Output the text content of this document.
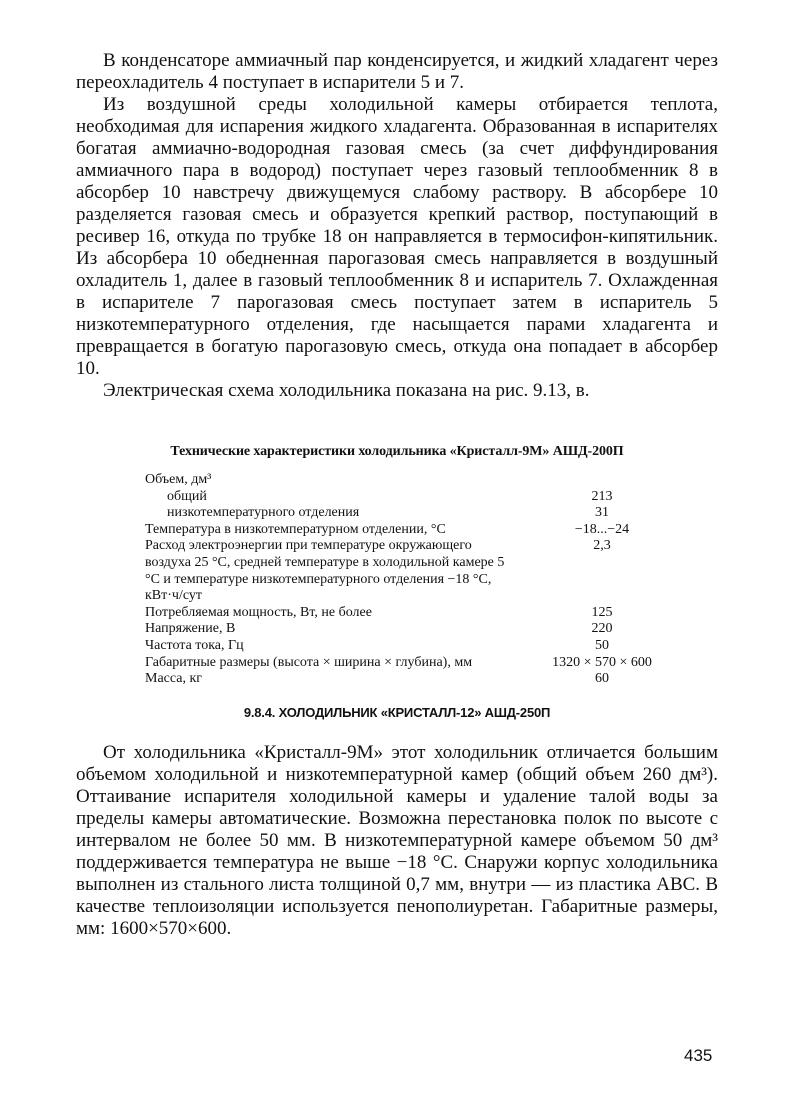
В конденсаторе аммиачный пар конденсируется, и жидкий хладагент через переохладитель 4 поступает в испарители 5 и 7.

Из воздушной среды холодильной камеры отбирается теплота, необходимая для испарения жидкого хладагента. Образованная в испарителях богатая аммиачно-водородная газовая смесь (за счет диффундирования аммиачного пара в водород) поступает через газовый теплообменник 8 в абсорбер 10 навстречу движущемуся слабому раствору. В абсорбере 10 разделяется газовая смесь и образуется крепкий раствор, поступающий в ресивер 16, откуда по трубке 18 он направляется в термосифон-кипятильник. Из абсорбера 10 обедненная парогазовая смесь направляется в воздушный охладитель 1, далее в газовый теплообменник 8 и испаритель 7. Охлажденная в испарителе 7 парогазовая смесь поступает затем в испаритель 5 низкотемпературного отделения, где насыщается парами хладагента и превращается в богатую парогазовую смесь, откуда она попадает в абсорбер 10.

Электрическая схема холодильника показана на рис. 9.13, в.

Технические характеристики холодильника «Кристалл-9М» АШД-200П
Объем, дм³	
общий	213
низкотемпературного отделения	31
Температура в низкотемпературном отделении, °С	−18...−24
Расход электроэнергии при температуре окружающего воздуха 25 °С, средней температуре в холодильной камере 5 °С и температуре низкотемпературного отделения −18 °С, кВт·ч/сут	2,3
Потребляемая мощность, Вт, не более	125
Напряжение, В	220
Частота тока, Гц	50
Габаритные размеры (высота × ширина × глубина), мм	1320 × 570 × 600
Масса, кг	60
9.8.4. ХОЛОДИЛЬНИК «КРИСТАЛЛ-12» АШД-250П

От холодильника «Кристалл-9М» этот холодильник отличается большим объемом холодильной и низкотемпературной камер (общий объем 260 дм³). Оттаивание испарителя холодильной камеры и удаление талой воды за пределы камеры автоматические. Возможна перестановка полок по высоте с интервалом не более 50 мм. В низкотемпературной камере объемом 50 дм³ поддерживается температура не выше −18 °С. Снаружи корпус холодильника выполнен из стального листа толщиной 0,7 мм, внутри — из пластика АВС. В качестве теплоизоляции используется пенополиуретан. Габаритные размеры, мм: 1600×570×600.

435
